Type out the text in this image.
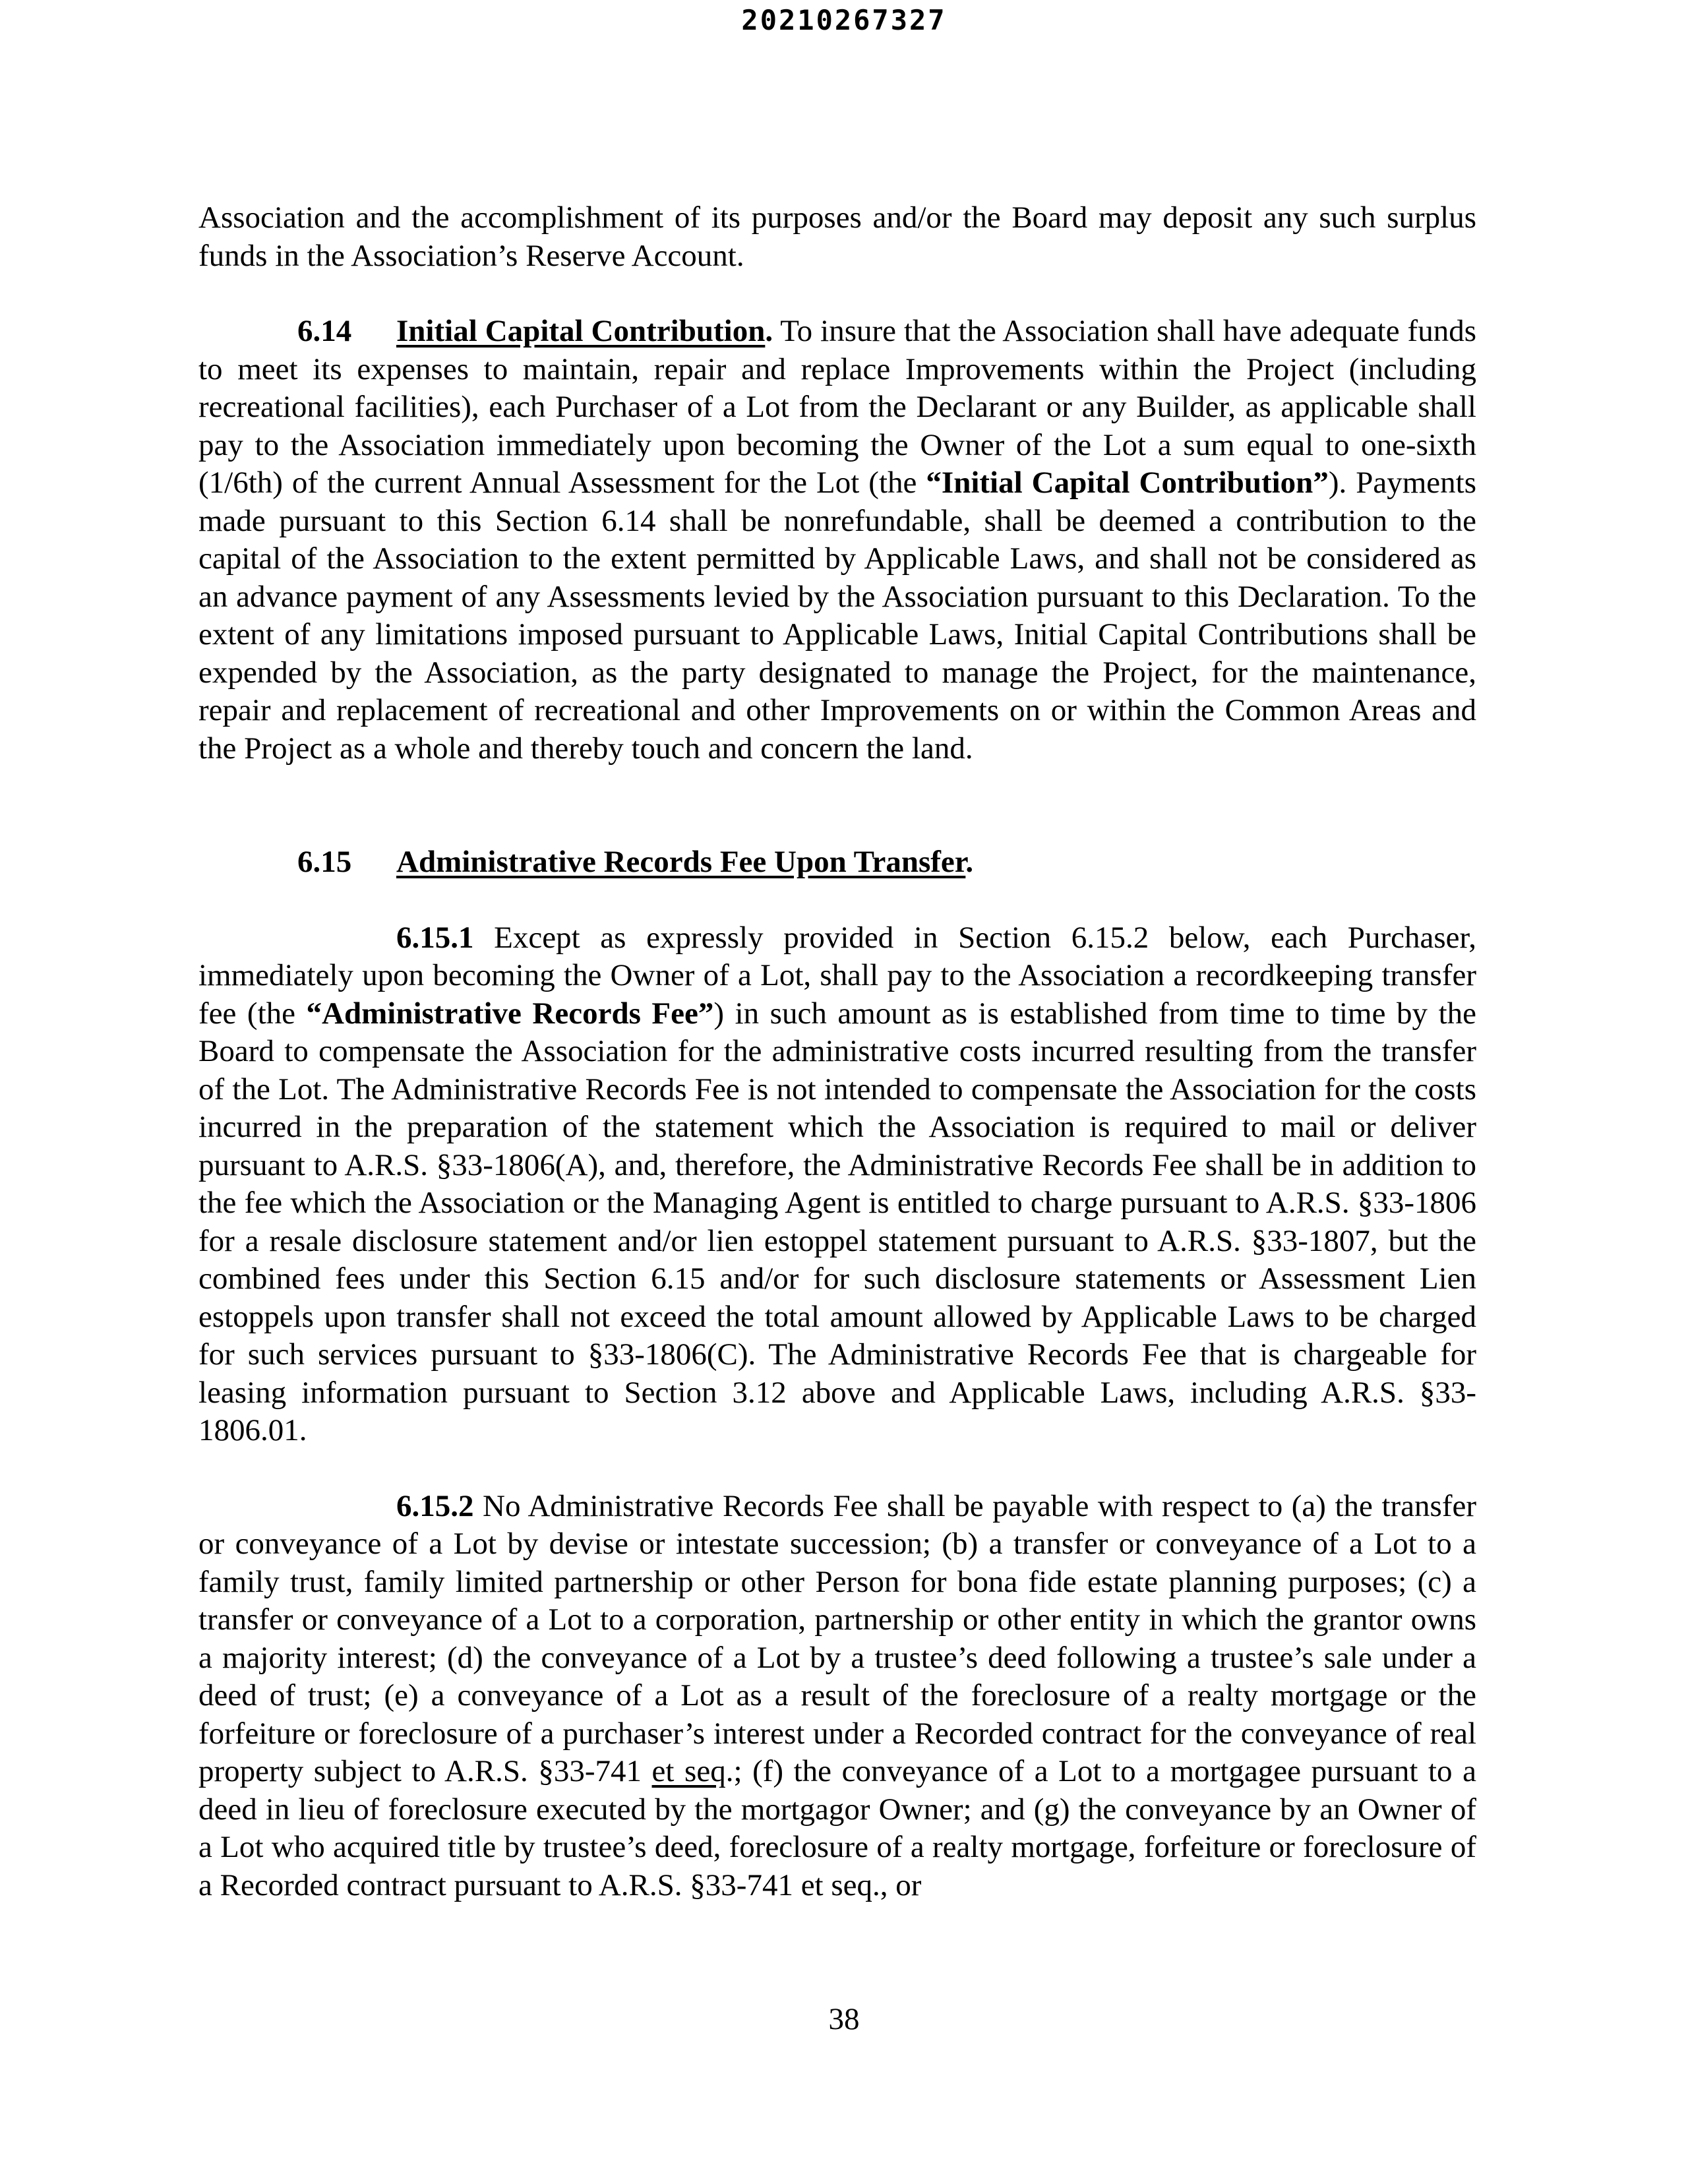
20210267327

Association and the accomplishment of its purposes and/or the Board may deposit any such surplus funds in the Association’s Reserve Account.

6.14 Initial Capital Contribution. To insure that the Association shall have adequate funds to meet its expenses to maintain, repair and replace Improvements within the Project (including recreational facilities), each Purchaser of a Lot from the Declarant or any Builder, as applicable shall pay to the Association immediately upon becoming the Owner of the Lot a sum equal to one-sixth (1/6th) of the current Annual Assessment for the Lot (the “Initial Capital Contribution”). Payments made pursuant to this Section 6.14 shall be nonrefundable, shall be deemed a contribution to the capital of the Association to the extent permitted by Applicable Laws, and shall not be considered as an advance payment of any Assessments levied by the Association pursuant to this Declaration. To the extent of any limitations imposed pursuant to Applicable Laws, Initial Capital Contributions shall be expended by the Association, as the party designated to manage the Project, for the maintenance, repair and replacement of recreational and other Improvements on or within the Common Areas and the Project as a whole and thereby touch and concern the land.

6.15 Administrative Records Fee Upon Transfer.

6.15.1 Except as expressly provided in Section 6.15.2 below, each Purchaser, immediately upon becoming the Owner of a Lot, shall pay to the Association a recordkeeping transfer fee (the “Administrative Records Fee”) in such amount as is established from time to time by the Board to compensate the Association for the administrative costs incurred resulting from the transfer of the Lot. The Administrative Records Fee is not intended to compensate the Association for the costs incurred in the preparation of the statement which the Association is required to mail or deliver pursuant to A.R.S. §33-1806(A), and, therefore, the Administrative Records Fee shall be in addition to the fee which the Association or the Managing Agent is entitled to charge pursuant to A.R.S. §33-1806 for a resale disclosure statement and/or lien estoppel statement pursuant to A.R.S. §33-1807, but the combined fees under this Section 6.15 and/or for such disclosure statements or Assessment Lien estoppels upon transfer shall not exceed the total amount allowed by Applicable Laws to be charged for such services pursuant to §33-1806(C). The Administrative Records Fee that is chargeable for leasing information pursuant to Section 3.12 above and Applicable Laws, including A.R.S. §33-1806.01.

6.15.2 No Administrative Records Fee shall be payable with respect to (a) the transfer or conveyance of a Lot by devise or intestate succession; (b) a transfer or conveyance of a Lot to a family trust, family limited partnership or other Person for bona fide estate planning purposes; (c) a transfer or conveyance of a Lot to a corporation, partnership or other entity in which the grantor owns a majority interest; (d) the conveyance of a Lot by a trustee’s deed following a trustee’s sale under a deed of trust; (e) a conveyance of a Lot as a result of the foreclosure of a realty mortgage or the forfeiture or foreclosure of a purchaser’s interest under a Recorded contract for the conveyance of real property subject to A.R.S. §33-741 et seq.; (f) the conveyance of a Lot to a mortgagee pursuant to a deed in lieu of foreclosure executed by the mortgagor Owner; and (g) the conveyance by an Owner of a Lot who acquired title by trustee’s deed, foreclosure of a realty mortgage, forfeiture or foreclosure of a Recorded contract pursuant to A.R.S. §33-741 et seq., or

38
